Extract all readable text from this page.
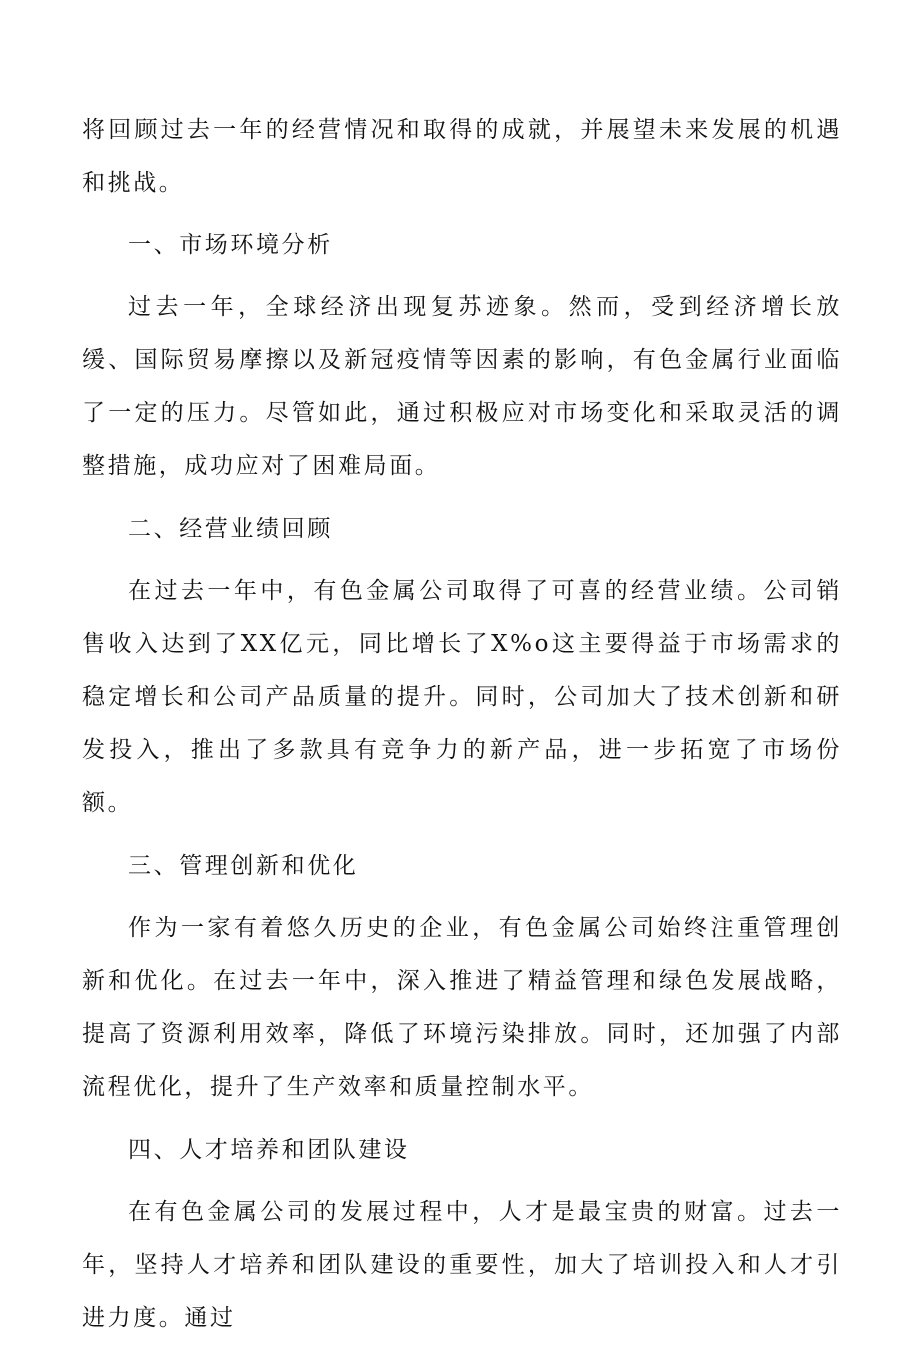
将回顾过去一年的经营情况和取得的成就，并展望未来发展的机遇和挑战。

一、市场环境分析

过去一年，全球经济出现复苏迹象。然而，受到经济增长放缓、国际贸易摩擦以及新冠疫情等因素的影响，有色金属行业面临了一定的压力。尽管如此，通过积极应对市场变化和采取灵活的调整措施，成功应对了困难局面。

二、经营业绩回顾

在过去一年中，有色金属公司取得了可喜的经营业绩。公司销售收入达到了XX亿元，同比增长了X%o这主要得益于市场需求的稳定增长和公司产品质量的提升。同时，公司加大了技术创新和研发投入，推出了多款具有竞争力的新产品，进一步拓宽了市场份额。

三、管理创新和优化

作为一家有着悠久历史的企业，有色金属公司始终注重管理创新和优化。在过去一年中，深入推进了精益管理和绿色发展战略，提高了资源利用效率，降低了环境污染排放。同时，还加强了内部流程优化，提升了生产效率和质量控制水平。

四、人才培养和团队建设

在有色金属公司的发展过程中，人才是最宝贵的财富。过去一年，坚持人才培养和团队建设的重要性，加大了培训投入和人才引进力度。通过
